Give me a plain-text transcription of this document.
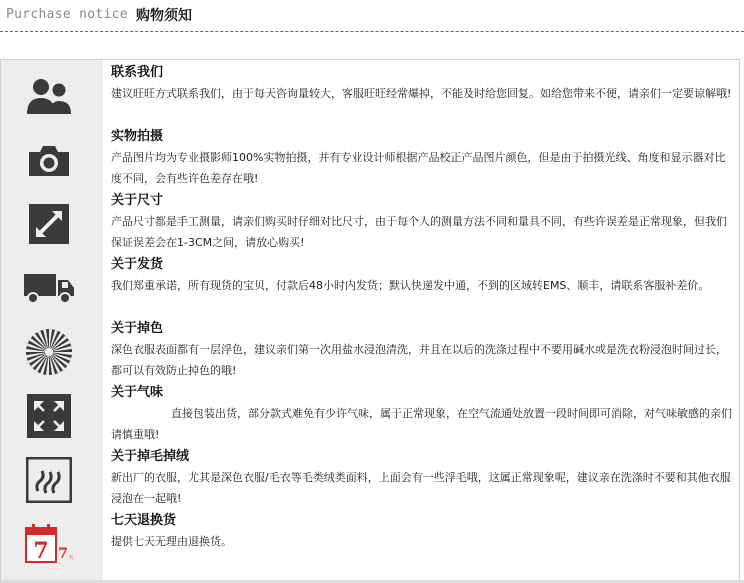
Purchase notice 购物须知
联系我们
建议旺旺方式联系我们，由于每天咨询量较大，客服旺旺经常爆掉，不能及时给您回复。如给您带来不便，请亲们一定要谅解哦!
实物拍摄
产品图片均为专业摄影师100%实物拍摄，并有专业设计师根据产品校正产品图片颜色，但是由于拍摄光线、角度和显示器对比度不同，会有些许色差存在哦!
关于尺寸
产品尺寸都是手工测量，请亲们购买时仔细对比尺寸，由于每个人的测量方法不同和量具不同，有些许误差是正常现象，但我们保证误差会在1-3CM之间，请放心购买!
关于发货
我们郑重承诺，所有现货的宝贝，付款后48小时内发货；默认快递发中通，不到的区域转EMS、顺丰，请联系客服补差价。
关于掉色
深色衣服表面都有一层浮色，建议亲们第一次用盐水浸泡清洗，并且在以后的洗涤过程中不要用碱水或是洗衣粉浸泡时间过长，都可以有效防止掉色的哦!
关于气味
直接包装出货，部分款式难免有少许气味，属于正常现象，在空气流通处放置一段时间即可消除，对气味敏感的亲们请慎重哦!
关于掉毛掉绒
新出厂的衣服，尤其是深色衣服/毛衣等毛类绒类面料，上面会有一些浮毛哦，这属正常现象呢，建议亲在洗涤时不要和其他衣服浸泡在一起哦!
7 7 天
七天退换货
提供七天无理由退换货。
